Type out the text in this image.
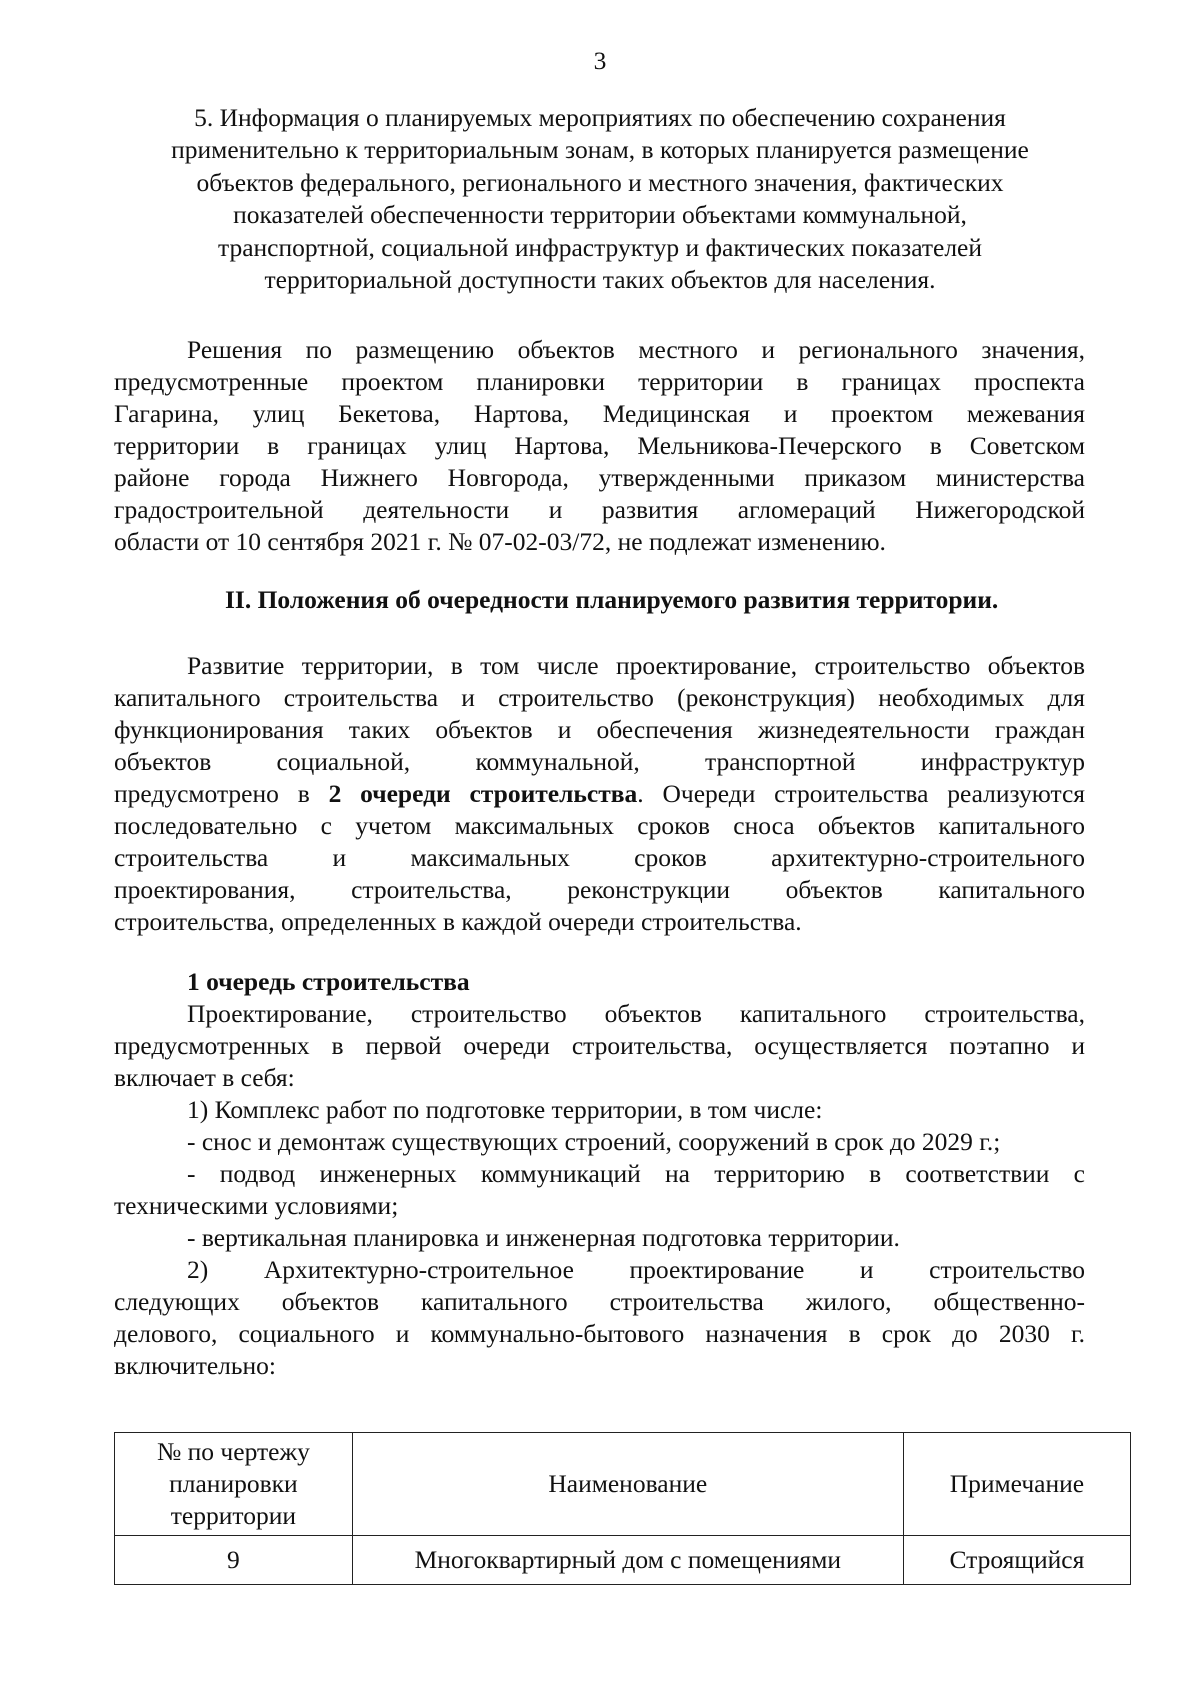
3
5. Информация о планируемых мероприятиях по обеспечению сохранения
применительно к территориальным зонам, в которых планируется размещение
объектов федерального, регионального и местного значения, фактических
показателей обеспеченности территории объектами коммунальной,
транспортной, социальной инфраструктур и фактических показателей
территориальной доступности таких объектов для населения.
Решения по размещению объектов местного и регионального значения,
предусмотренные проектом планировки территории в границах проспекта
Гагарина, улиц Бекетова, Нартова, Медицинская и проектом межевания
территории в границах улиц Нартова, Мельникова-Печерского в Советском
районе города Нижнего Новгорода, утвержденными приказом министерства
градостроительной деятельности и развития агломераций Нижегородской
области от 10 сентября 2021 г. № 07-02-03/72, не подлежат изменению.
II. Положения об очередности планируемого развития территории.
Развитие территории, в том числе проектирование, строительство объектов
капитального строительства и строительство (реконструкция) необходимых для
функционирования таких объектов и обеспечения жизнедеятельности граждан
объектов социальной, коммунальной, транспортной инфраструктур
предусмотрено в 2 очереди строительства. Очереди строительства реализуются
последовательно с учетом максимальных сроков сноса объектов капитального
строительства и максимальных сроков архитектурно-строительного
проектирования, строительства, реконструкции объектов капитального
строительства, определенных в каждой очереди строительства.
1 очередь строительства
Проектирование, строительство объектов капитального строительства,
предусмотренных в первой очереди строительства, осуществляется поэтапно и
включает в себя:
1) Комплекс работ по подготовке территории, в том числе:
- снос и демонтаж существующих строений, сооружений в срок до 2029 г.;
- подвод инженерных коммуникаций на территорию в соответствии с
техническими условиями;
- вертикальная планировка и инженерная подготовка территории.
2) Архитектурно-строительное проектирование и строительство
следующих объектов капитального строительства жилого, общественно-
делового, социального и коммунально-бытового назначения в срок до 2030 г.
включительно:
№ по чертежу
планировки
территории	Наименование	Примечание
9	Многоквартирный дом с помещениями	Строящийся
